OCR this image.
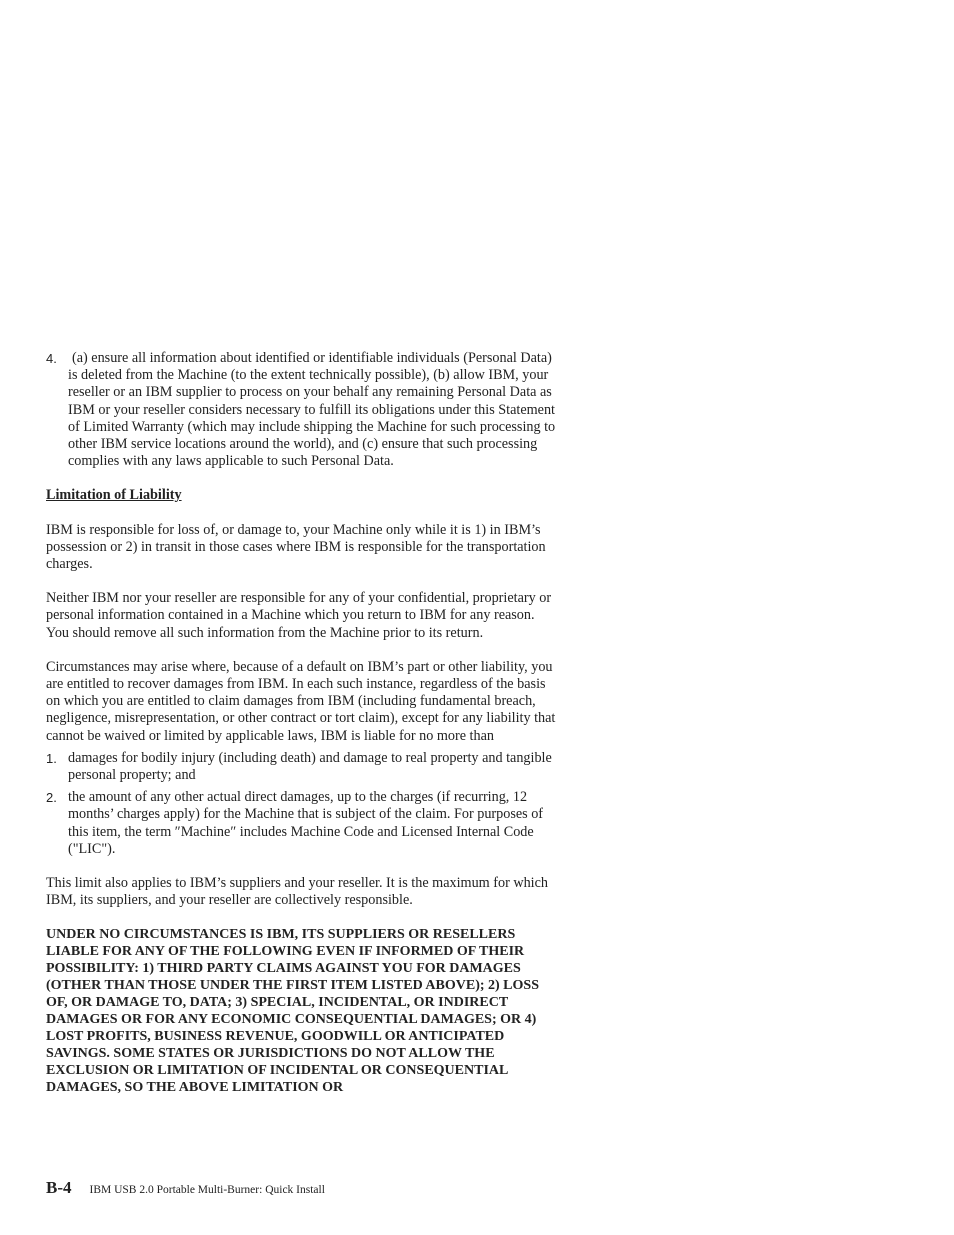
4. (a) ensure all information about identified or identifiable individuals (Personal Data) is deleted from the Machine (to the extent technically possible), (b) allow IBM, your reseller or an IBM supplier to process on your behalf any remaining Personal Data as IBM or your reseller considers necessary to fulfill its obligations under this Statement of Limited Warranty (which may include shipping the Machine for such processing to other IBM service locations around the world), and (c) ensure that such processing complies with any laws applicable to such Personal Data.
Limitation of Liability
IBM is responsible for loss of, or damage to, your Machine only while it is 1) in IBM’s possession or 2) in transit in those cases where IBM is responsible for the transportation charges.
Neither IBM nor your reseller are responsible for any of your confidential, proprietary or personal information contained in a Machine which you return to IBM for any reason. You should remove all such information from the Machine prior to its return.
Circumstances may arise where, because of a default on IBM’s part or other liability, you are entitled to recover damages from IBM. In each such instance, regardless of the basis on which you are entitled to claim damages from IBM (including fundamental breach, negligence, misrepresentation, or other contract or tort claim), except for any liability that cannot be waived or limited by applicable laws, IBM is liable for no more than
1. damages for bodily injury (including death) and damage to real property and tangible personal property; and
2. the amount of any other actual direct damages, up to the charges (if recurring, 12 months’ charges apply) for the Machine that is subject of the claim. For purposes of this item, the term ″Machine″ includes Machine Code and Licensed Internal Code ("LIC").
This limit also applies to IBM’s suppliers and your reseller. It is the maximum for which IBM, its suppliers, and your reseller are collectively responsible.
UNDER NO CIRCUMSTANCES IS IBM, ITS SUPPLIERS OR RESELLERS LIABLE FOR ANY OF THE FOLLOWING EVEN IF INFORMED OF THEIR POSSIBILITY: 1) THIRD PARTY CLAIMS AGAINST YOU FOR DAMAGES (OTHER THAN THOSE UNDER THE FIRST ITEM LISTED ABOVE); 2) LOSS OF, OR DAMAGE TO, DATA; 3) SPECIAL, INCIDENTAL, OR INDIRECT DAMAGES OR FOR ANY ECONOMIC CONSEQUENTIAL DAMAGES; OR 4) LOST PROFITS, BUSINESS REVENUE, GOODWILL OR ANTICIPATED SAVINGS. SOME STATES OR JURISDICTIONS DO NOT ALLOW THE EXCLUSION OR LIMITATION OF INCIDENTAL OR CONSEQUENTIAL DAMAGES, SO THE ABOVE LIMITATION OR
B-4 IBM USB 2.0 Portable Multi-Burner: Quick Install
